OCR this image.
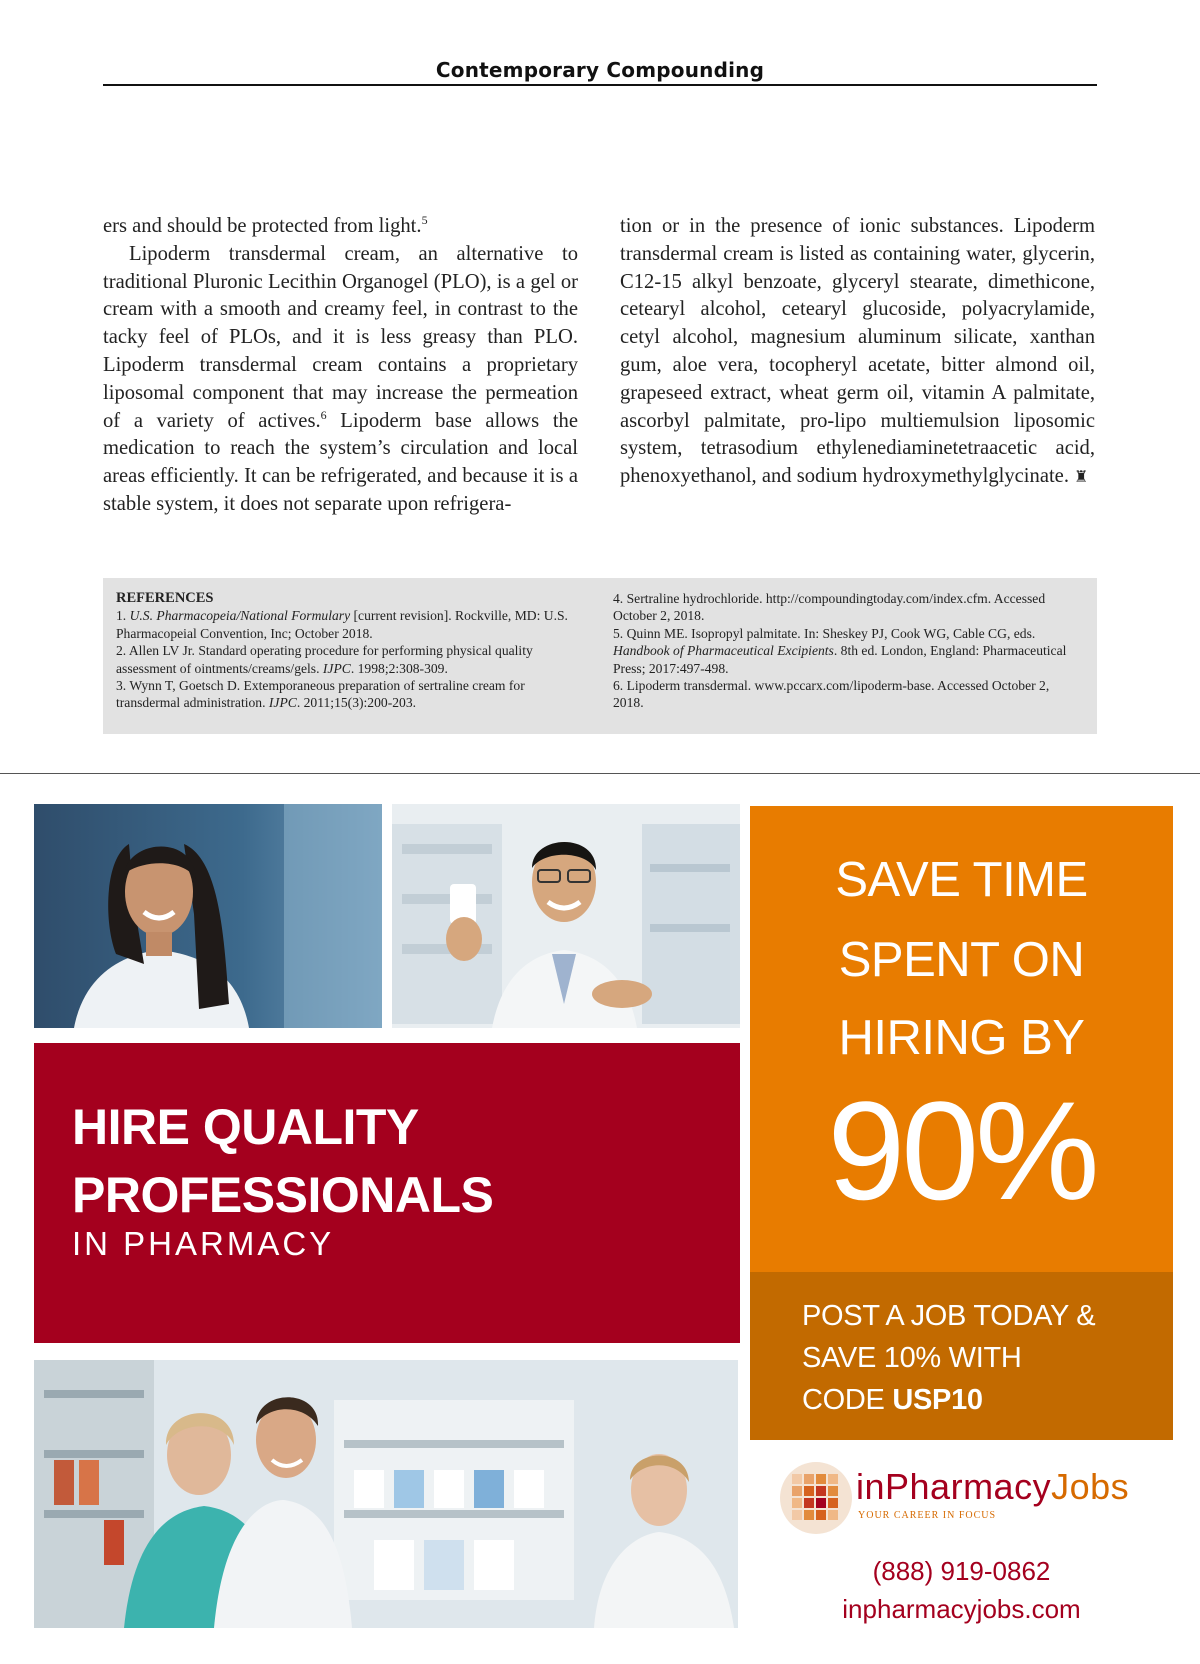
Contemporary Compounding

ers and should be protected from light.$^5$

Lipoderm transdermal cream, an alternative to traditional Pluronic Lecithin Organogel (PLO), is a gel or cream with a smooth and creamy feel, in contrast to the tacky feel of PLOs, and it is less greasy than PLO. Lipoderm transdermal cream contains a proprietary liposomal component that may increase the permeation of a variety of actives.$^6$ Lipoderm base allows the medication to reach the system’s circulation and local areas efficiently. It can be refrigerated, and because it is a stable system, it does not separate upon refrigera-

tion or in the presence of ionic substances. Lipoderm transdermal cream is listed as containing water, glycerin, C12-15 alkyl benzoate, glyceryl stearate, dimethicone, cetearyl alcohol, cetearyl glucoside, polyacrylamide, cetyl alcohol, magnesium aluminum silicate, xanthan gum, aloe vera, tocopheryl acetate, bitter almond oil, grapeseed extract, wheat germ oil, vitamin A palmitate, ascorbyl palmitate, pro-lipo multiemulsion liposomic system, tetrasodium ethylenediaminetetraacetic acid, phenoxyethanol, and sodium hydroxymethylglycinate. ♜

REFERENCES
1. U.S. Pharmacopeia/National Formulary [current revision]. Rockville, MD: U.S. Pharmacopeial Convention, Inc; October 2018.
2. Allen LV Jr. Standard operating procedure for performing physical quality assessment of ointments/creams/gels. IJPC. 1998;2:308-309.
3. Wynn T, Goetsch D. Extemporaneous preparation of sertraline cream for transdermal administration. IJPC. 2011;15(3):200-203.
4. Sertraline hydrochloride. http://compoundingtoday.com/index.cfm. Accessed October 2, 2018.
5. Quinn ME. Isopropyl palmitate. In: Sheskey PJ, Cook WG, Cable CG, eds. Handbook of Pharmaceutical Excipients. 8th ed. London, England: Pharmaceutical Press; 2017:497-498.
6. Lipoderm transdermal. www.pccarx.com/lipoderm-base. Accessed October 2, 2018.
HIRE QUALITY
PROFESSIONALS
IN PHARMACY
SAVE TIME
SPENT ON
HIRING BY
90%
POST A JOB TODAY &
SAVE 10% WITH
CODE USP10
inPharmacyJobs
YOUR CAREER IN FOCUS
(888) 919-0862
inpharmacyjobs.com
